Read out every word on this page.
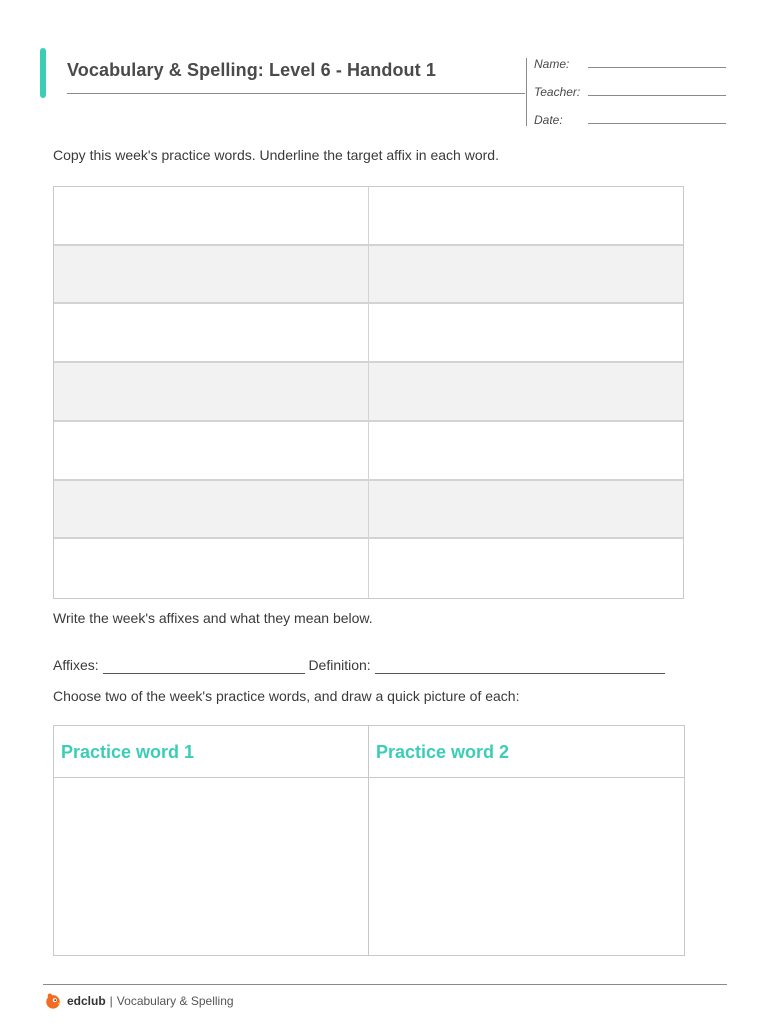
Vocabulary & Spelling: Level 6 - Handout 1	Name:
Teacher:
Date:
Copy this week's practice words. Underline the target affix in each word.
Write the week's affixes and what they mean below.
Affixes:	Definition:
Choose two of the week's practice words, and draw a quick picture of each:
Practice word 1	Practice word 2
edclub | Vocabulary & Spelling
